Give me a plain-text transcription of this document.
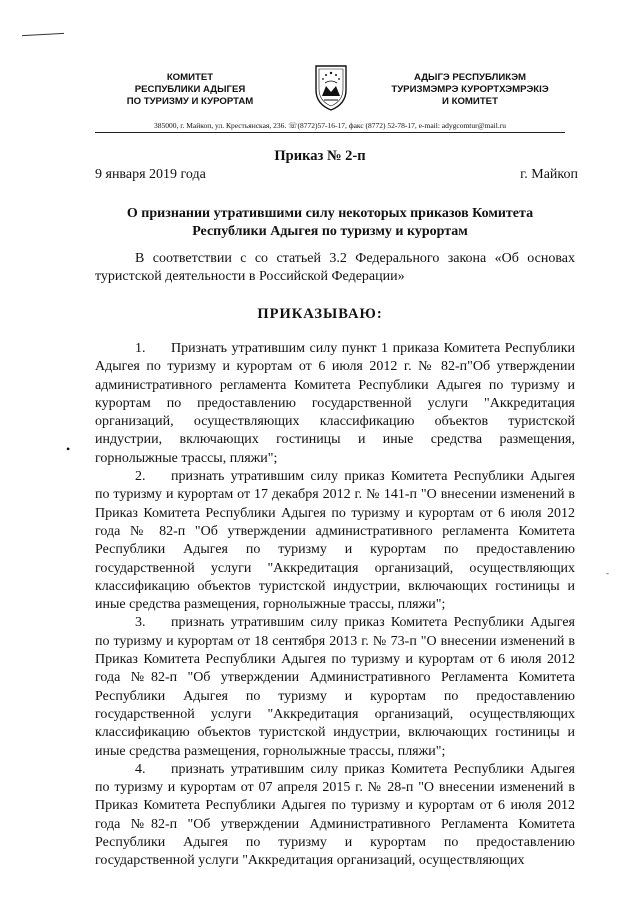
КОМИТЕТ
РЕСПУБЛИКИ АДЫГЕЯ
ПО ТУРИЗМУ И КУРОРТАМ
АДЫГЭ РЕСПУБЛИКЭМ
ТУРИЗМЭМРЭ КУРОРТХЭМРЭКІЭ
И КОМИТЕТ
385000, г. Майкоп, ул. Крестьянская, 236. ☏(8772)57-16-17, факс (8772) 52-78-17, e-mail: adygcomtur@mail.ru
Приказ № 2-п
9 января 2019 года	г. Майкоп
О признании утратившими силу некоторых приказов Комитета Республики Адыгея по туризму и курортам
В соответствии с со статьей 3.2 Федерального закона «Об основах туристской деятельности в Российской Федерации»
ПРИКАЗЫВАЮ:

1. Признать утратившим силу пункт 1 приказа Комитета Республики Адыгея по туризму и курортам от 6 июля 2012 г. № 82-п"Об утверждении административного регламента Комитета Республики Адыгея по туризму и курортам по предоставлению государственной услуги "Аккредитация организаций, осуществляющих классификацию объектов туристской индустрии, включающих гостиницы и иные средства размещения, горнолыжные трассы, пляжи";

2. признать утратившим силу приказ Комитета Республики Адыгея по туризму и курортам от 17 декабря 2012 г. № 141-п "О внесении изменений в Приказ Комитета Республики Адыгея по туризму и курортам от 6 июля 2012 года № 82-п "Об утверждении административного регламента Комитета Республики Адыгея по туризму и курортам по предоставлению государственной услуги "Аккредитация организаций, осуществляющих классификацию объектов туристской индустрии, включающих гостиницы и иные средства размещения, горнолыжные трассы, пляжи";

3. признать утратившим силу приказ Комитета Республики Адыгея по туризму и курортам от 18 сентября 2013 г. № 73-п "О внесении изменений в Приказ Комитета Республики Адыгея по туризму и курортам от 6 июля 2012 года №82-п "Об утверждении Административного Регламента Комитета Республики Адыгея по туризму и курортам по предоставлению государственной услуги "Аккредитация организаций, осуществляющих классификацию объектов туристской индустрии, включающих гостиницы и иные средства размещения, горнолыжные трассы, пляжи";

4. признать утратившим силу приказ Комитета Республики Адыгея по туризму и курортам от 07 апреля 2015 г. № 28-п "О внесении изменений в Приказ Комитета Республики Адыгея по туризму и курортам от 6 июля 2012 года №82-п "Об утверждении Административного Регламента Комитета Республики Адыгея по туризму и курортам по предоставлению государственной услуги "Аккредитация организаций, осуществляющих

•
-
